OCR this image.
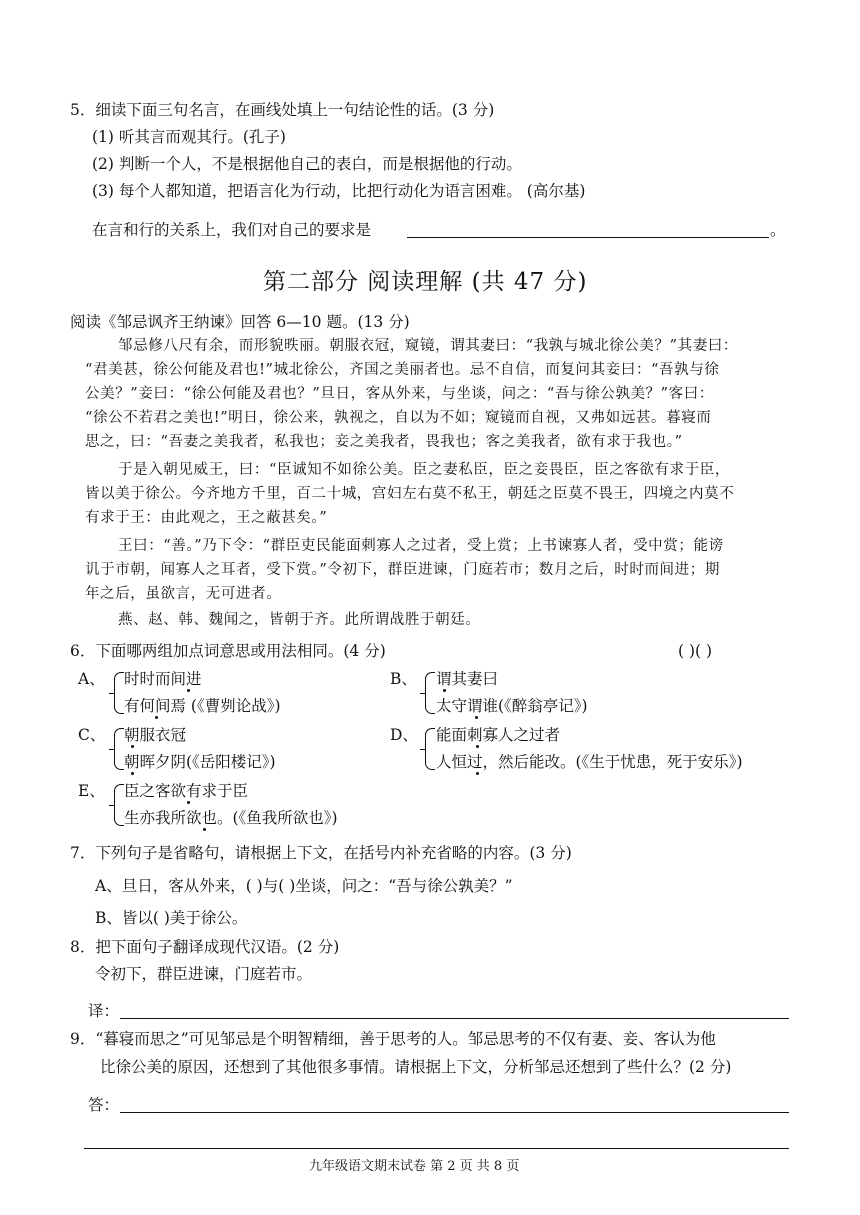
5．细读下面三句名言，在画线处填上一句结论性的话。(3 分)
(1) 听其言而观其行。(孔子)
(2) 判断一个人，不是根据他自己的表白，而是根据他的行动。
(3) 每个人都知道，把语言化为行动，比把行动化为语言困难。 (高尔基)
在言和行的关系上，我们对自己的要求是	。
第二部分 阅读理解 (共 47 分)
阅读《邹忌讽齐王纳谏》回答 6—10 题。(13 分)
邹忌修八尺有余，而形貌昳丽。朝服衣冠，窥镜，谓其妻曰：“我孰与城北徐公美？”其妻曰：
“君美甚，徐公何能及君也!”城北徐公，齐国之美丽者也。忌不自信，而复问其妾曰：“吾孰与徐
公美？”妾曰：“徐公何能及君也？”旦日，客从外来，与坐谈，问之：“吾与徐公孰美？”客曰：
“徐公不若君之美也!”明日，徐公来，孰视之，自以为不如；窥镜而自视，又弗如远甚。暮寝而
思之，曰：“吾妻之美我者，私我也；妾之美我者，畏我也；客之美我者，欲有求于我也。”
于是入朝见威王，曰：“臣诚知不如徐公美。臣之妻私臣，臣之妾畏臣，臣之客欲有求于臣，
皆以美于徐公。今齐地方千里，百二十城，宫妇左右莫不私王，朝廷之臣莫不畏王，四境之内莫不
有求于王：由此观之，王之蔽甚矣。”
王曰：“善。”乃下令：“群臣吏民能面刺寡人之过者，受上赏；上书谏寡人者，受中赏；能谤
讥于市朝，闻寡人之耳者，受下赏。”令初下，群臣进谏，门庭若市；数月之后，时时而间进；期
年之后，虽欲言，无可进者。
燕、赵、韩、魏闻之，皆朝于齐。此所谓战胜于朝廷。
6．下面哪两组加点词意思或用法相同。(4 分)	( )( )
A、 时时而间进
有何间焉 (《曹刿论战》)
B、 谓其妻曰
太守谓谁(《醉翁亭记》)
C、 朝服衣冠
朝晖夕阴(《岳阳楼记》)
D、 能面刺寡人之过者
人恒过，然后能改。(《生于忧患，死于安乐》)
E、 臣之客欲有求于臣
生亦我所欲也。(《鱼我所欲也》)
7．下列句子是省略句，请根据上下文，在括号内补充省略的内容。(3 分)
A、旦日，客从外来，( )与( )坐谈，问之：“吾与徐公孰美？”
B、皆以( )美于徐公。
8．把下面句子翻译成现代汉语。(2 分)
令初下，群臣进谏，门庭若市。
译：
9．“暮寝而思之”可见邹忌是个明智精细，善于思考的人。邹忌思考的不仅有妻、妾、客认为他
比徐公美的原因，还想到了其他很多事情。请根据上下文，分析邹忌还想到了些什么？(2 分)
答：
九年级语文期末试卷 第 2 页 共 8 页
